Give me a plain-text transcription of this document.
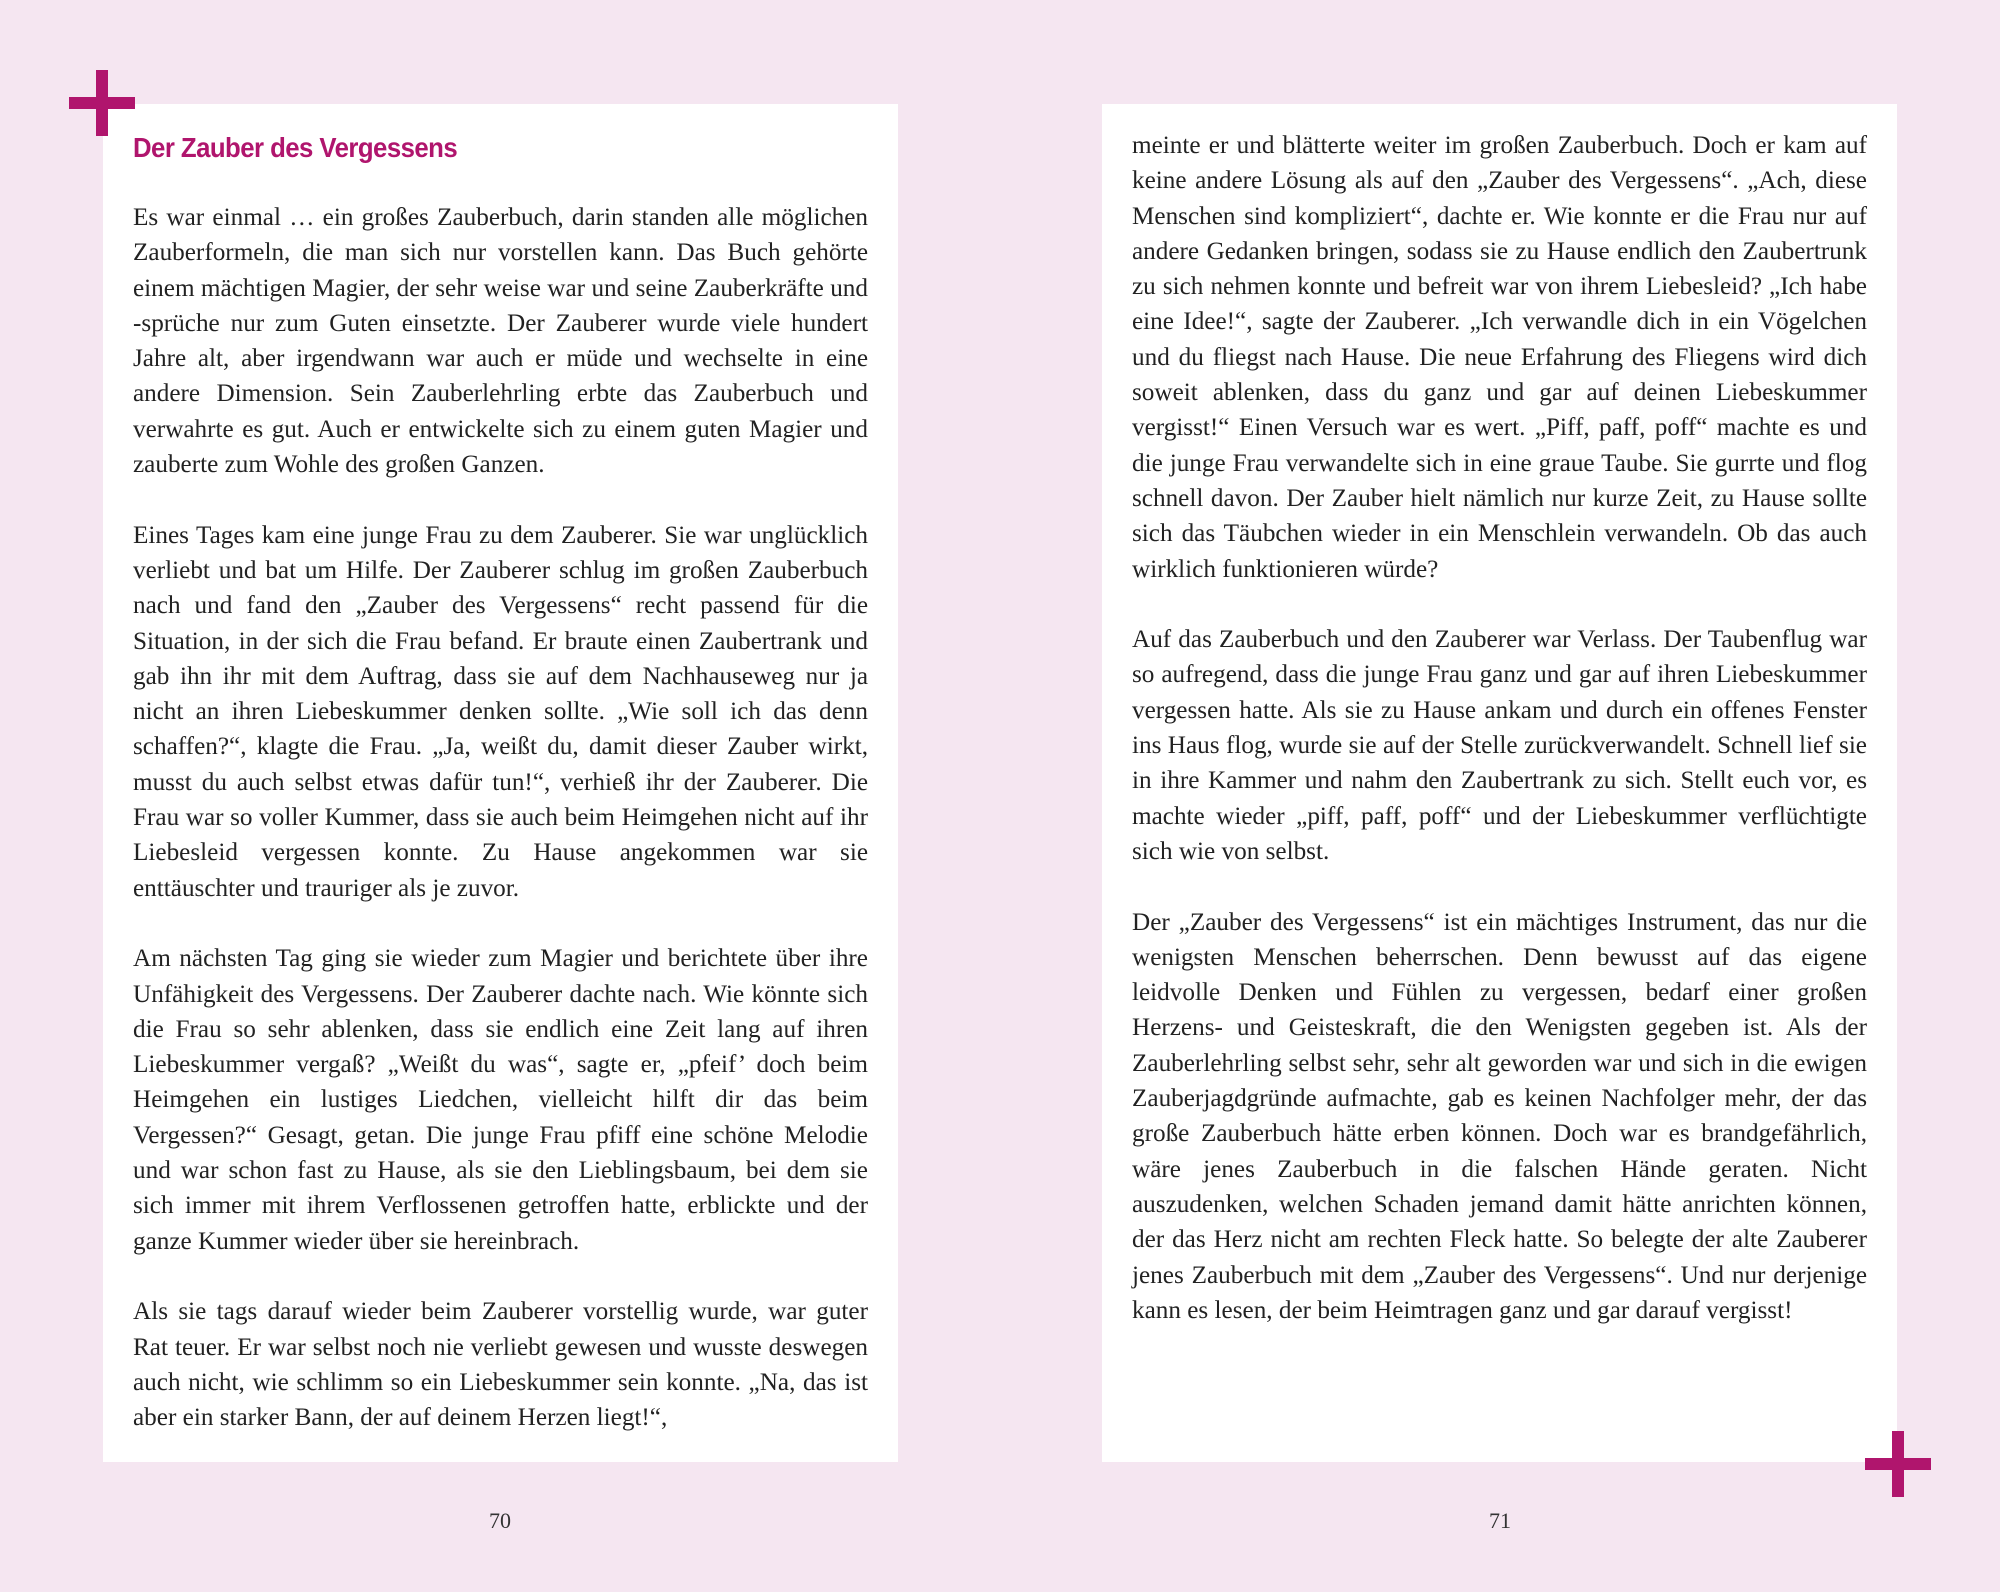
Der Zauber des Vergessens

Es war einmal … ein großes Zauberbuch, darin standen alle möglichen Zauberformeln, die man sich nur vorstellen kann. Das Buch gehörte einem mächtigen Magier, der sehr weise war und seine Zauberkräfte und -sprüche nur zum Guten einsetzte. Der Zauberer wurde viele hundert Jahre alt, aber irgendwann war auch er müde und wechselte in eine andere Dimension. Sein Zauberlehrling erbte das Zauberbuch und verwahrte es gut. Auch er entwickelte sich zu einem guten Magier und zauberte zum Wohle des großen Ganzen.

Eines Tages kam eine junge Frau zu dem Zauberer. Sie war unglücklich verliebt und bat um Hilfe. Der Zauberer schlug im großen Zauberbuch nach und fand den „Zauber des Vergessens“ recht passend für die Situation, in der sich die Frau befand. Er braute einen Zaubertrank und gab ihn ihr mit dem Auftrag, dass sie auf dem Nachhauseweg nur ja nicht an ihren Liebeskummer denken sollte. „Wie soll ich das denn schaffen?“, klagte die Frau. „Ja, weißt du, damit dieser Zauber wirkt, musst du auch selbst etwas dafür tun!“, verhieß ihr der Zauberer. Die Frau war so voller Kummer, dass sie auch beim Heimgehen nicht auf ihr Liebesleid vergessen konnte. Zu Hause angekommen war sie enttäuschter und trauriger als je zuvor.

Am nächsten Tag ging sie wieder zum Magier und berichtete über ihre Unfähigkeit des Vergessens. Der Zauberer dachte nach. Wie könnte sich die Frau so sehr ablenken, dass sie endlich eine Zeit lang auf ihren Liebeskummer vergaß? „Weißt du was“, sagte er, „pfeif’ doch beim Heimgehen ein lustiges Liedchen, vielleicht hilft dir das beim Vergessen?“ Gesagt, getan. Die junge Frau pfiff eine schöne Melodie und war schon fast zu Hause, als sie den Lieblingsbaum, bei dem sie sich immer mit ihrem Verflossenen getroffen hatte, erblickte und der ganze Kummer wieder über sie hereinbrach.

Als sie tags darauf wieder beim Zauberer vorstellig wurde, war guter Rat teuer. Er war selbst noch nie verliebt gewesen und wusste deswegen auch nicht, wie schlimm so ein Liebeskummer sein konnte. „Na, das ist aber ein starker Bann, der auf deinem Herzen liegt!“,

meinte er und blätterte weiter im großen Zauberbuch. Doch er kam auf keine andere Lösung als auf den „Zauber des Vergessens“. „Ach, diese Menschen sind kompliziert“, dachte er. Wie konnte er die Frau nur auf andere Gedanken bringen, sodass sie zu Hause endlich den Zaubertrunk zu sich nehmen konnte und befreit war von ihrem Liebesleid? „Ich habe eine Idee!“, sagte der Zauberer. „Ich verwandle dich in ein Vögelchen und du fliegst nach Hause. Die neue Erfahrung des Fliegens wird dich soweit ablenken, dass du ganz und gar auf deinen Liebeskummer vergisst!“ Einen Versuch war es wert. „Piff, paff, poff“ machte es und die junge Frau verwandelte sich in eine graue Taube. Sie gurrte und flog schnell davon. Der Zauber hielt nämlich nur kurze Zeit, zu Hause sollte sich das Täubchen wieder in ein Menschlein verwandeln. Ob das auch wirklich funktionieren würde?

Auf das Zauberbuch und den Zauberer war Verlass. Der Taubenflug war so aufregend, dass die junge Frau ganz und gar auf ihren Liebeskummer vergessen hatte. Als sie zu Hause ankam und durch ein offenes Fenster ins Haus flog, wurde sie auf der Stelle zurückverwandelt. Schnell lief sie in ihre Kammer und nahm den Zaubertrank zu sich. Stellt euch vor, es machte wieder „piff, paff, poff“ und der Liebeskummer verflüchtigte sich wie von selbst.

Der „Zauber des Vergessens“ ist ein mächtiges Instrument, das nur die wenigsten Menschen beherrschen. Denn bewusst auf das eigene leidvolle Denken und Fühlen zu vergessen, bedarf einer großen Herzens- und Geisteskraft, die den Wenigsten gegeben ist. Als der Zauberlehrling selbst sehr, sehr alt geworden war und sich in die ewigen Zauberjagdgründe aufmachte, gab es keinen Nachfolger mehr, der das große Zauberbuch hätte erben können. Doch war es brandgefährlich, wäre jenes Zauberbuch in die falschen Hände geraten. Nicht auszudenken, welchen Schaden jemand damit hätte anrichten können, der das Herz nicht am rechten Fleck hatte. So belegte der alte Zauberer jenes Zauberbuch mit dem „Zauber des Vergessens“. Und nur derjenige kann es lesen, der beim Heimtragen ganz und gar darauf vergisst!

70	71
